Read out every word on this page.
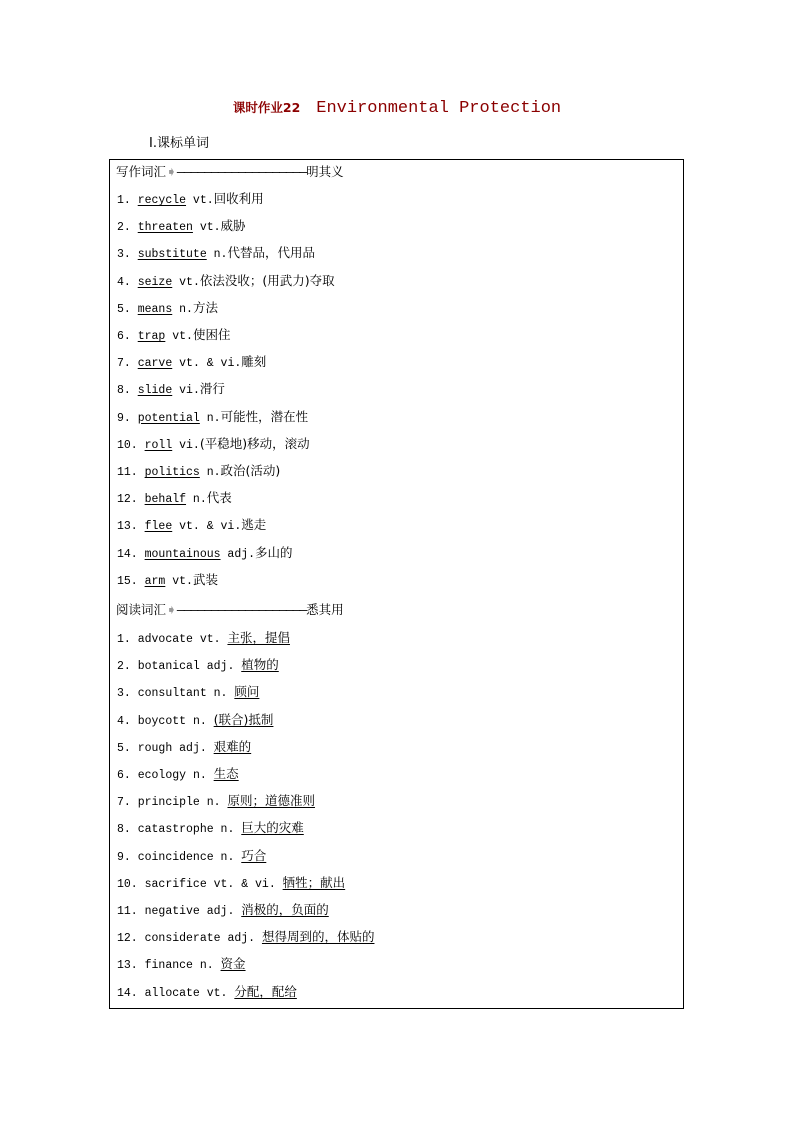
课时作业22 Environmental Protection
Ⅰ.课标单词
写作词汇➧———————————————————明其义
1. recycle vt.回收利用
2. threaten vt.威胁
3. substitute n.代替品，代用品
4. seize vt.依法没收；(用武力)夺取
5. means n.方法
6. trap vt.使困住
7. carve vt. & vi.雕刻
8. slide vi.滑行
9. potential n.可能性，潜在性
10. roll vi.(平稳地)移动，滚动
11. politics n.政治(活动)
12. behalf n.代表
13. flee vt. & vi.逃走
14. mountainous adj.多山的
15. arm vt.武装
阅读词汇➧———————————————————悉其用
1. advocate vt. 主张，提倡
2. botanical adj. 植物的
3. consultant n. 顾问
4. boycott n. (联合)抵制
5. rough adj. 艰难的
6. ecology n. 生态
7. principle n. 原则；道德准则
8. catastrophe n. 巨大的灾难
9. coincidence n. 巧合
10. sacrifice vt. & vi. 牺牲；献出
11. negative adj. 消极的，负面的
12. considerate adj. 想得周到的，体贴的
13. finance n. 资金
14. allocate vt. 分配，配给
